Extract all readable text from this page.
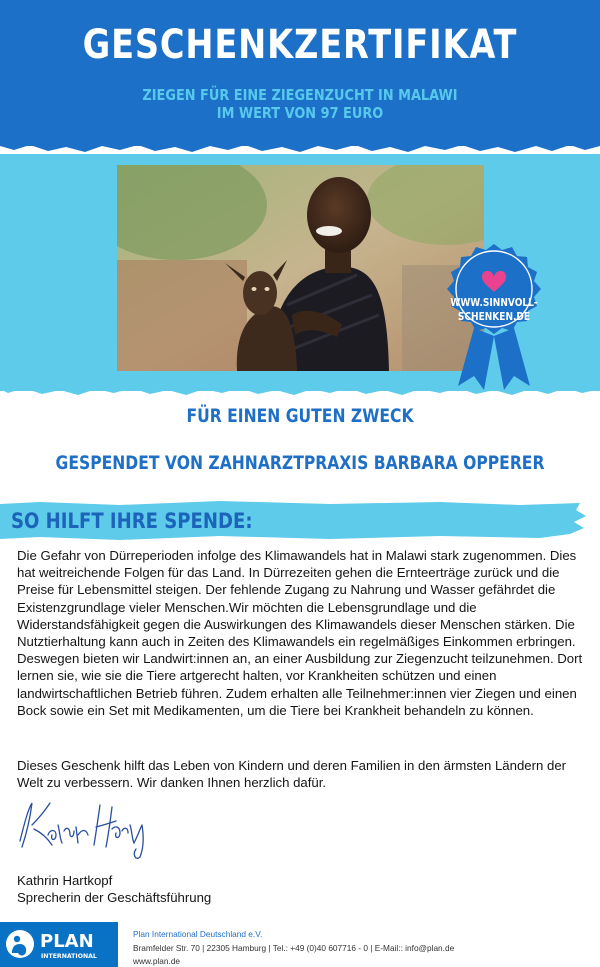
GESCHENKZERTIFIKAT
ZIEGEN FÜR EINE ZIEGENZUCHT IN MALAWI
IM WERT VON 97 EURO
WWW.SINNVOLL-
SCHENKEN.DE
FÜR EINEN GUTEN ZWECK
GESPENDET VON ZAHNARZTPRAXIS BARBARA OPPERER
SO HILFT IHRE SPENDE:

Die Gefahr von Dürreperioden infolge des Klimawandels hat in Malawi stark zugenommen. Dies hat weitreichende Folgen für das Land. In Dürrezeiten gehen die Ernteerträge zurück und die Preise für Lebensmittel steigen. Der fehlende Zugang zu Nahrung und Wasser gefährdet die Existenzgrundlage vieler Menschen.Wir möchten die Lebensgrundlage und die Widerstandsfähigkeit gegen die Auswirkungen des Klimawandels dieser Menschen stärken. Die Nutztierhaltung kann auch in Zeiten des Klimawandels ein regelmäßiges Einkommen erbringen. Deswegen bieten wir Landwirt:innen an, an einer Ausbildung zur Ziegenzucht teilzunehmen. Dort lernen sie, wie sie die Tiere artgerecht halten, vor Krankheiten schützen und einen landwirtschaftlichen Betrieb führen. Zudem erhalten alle Teilnehmer:innen vier Ziegen und einen Bock sowie ein Set mit Medikamenten, um die Tiere bei Krankheit behandeln zu können.

Dieses Geschenk hilft das Leben von Kindern und deren Familien in den ärmsten Ländern der Welt zu verbessern. Wir danken Ihnen herzlich dafür.

Kathrin Hartkopf
Sprecherin der Geschäftsführung
PLAN
INTERNATIONAL
Plan International Deutschland e.V.
Bramfelder Str. 70 | 22305 Hamburg | Tel.: +49 (0)40 607716 - 0 | E-Mail:: info@plan.de
www.plan.de
